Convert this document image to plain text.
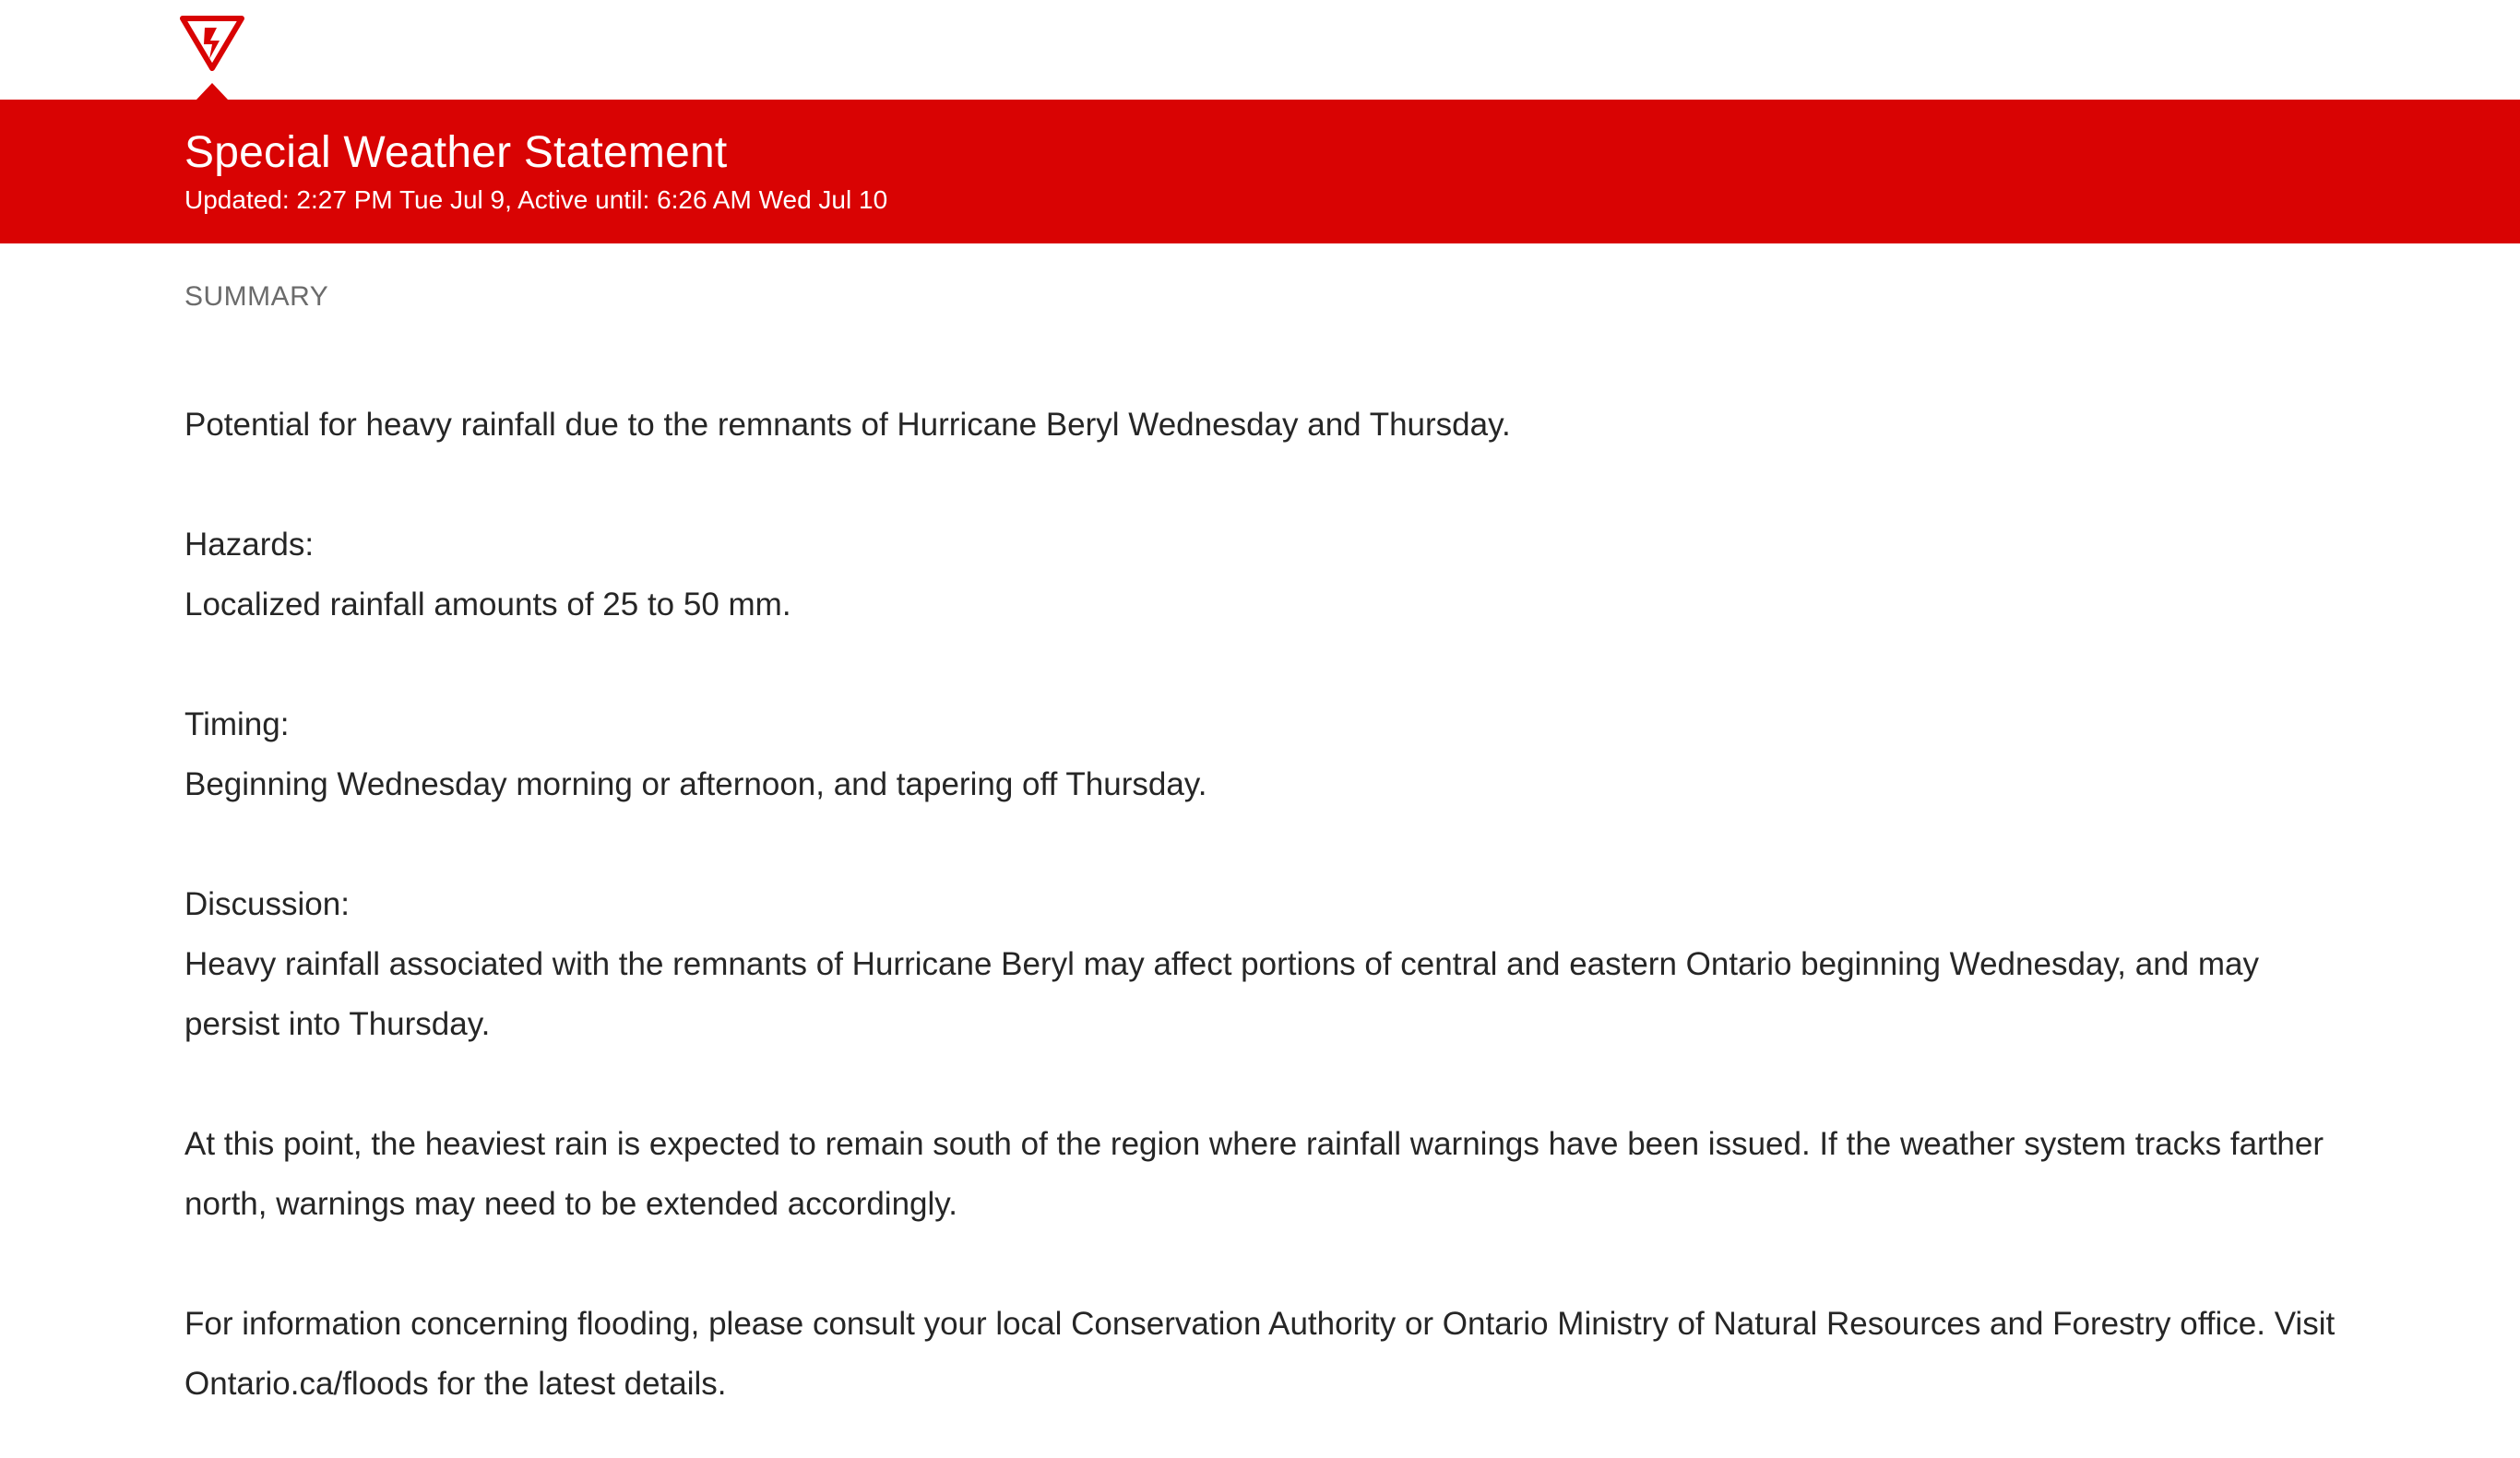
Special Weather Statement
Updated: 2:27 PM Tue Jul 9, Active until: 6:26 AM Wed Jul 10
SUMMARY

Potential for heavy rainfall due to the remnants of Hurricane Beryl Wednesday and Thursday.

Hazards:

Localized rainfall amounts of 25 to 50 mm.

Timing:

Beginning Wednesday morning or afternoon, and tapering off Thursday.

Discussion:

Heavy rainfall associated with the remnants of Hurricane Beryl may affect portions of central and eastern Ontario beginning Wednesday, and may persist into Thursday.

At this point, the heaviest rain is expected to remain south of the region where rainfall warnings have been issued. If the weather system tracks farther north, warnings may need to be extended accordingly.

For information concerning flooding, please consult your local Conservation Authority or Ontario Ministry of Natural Resources and Forestry office. Visit Ontario.ca/floods for the latest details.
